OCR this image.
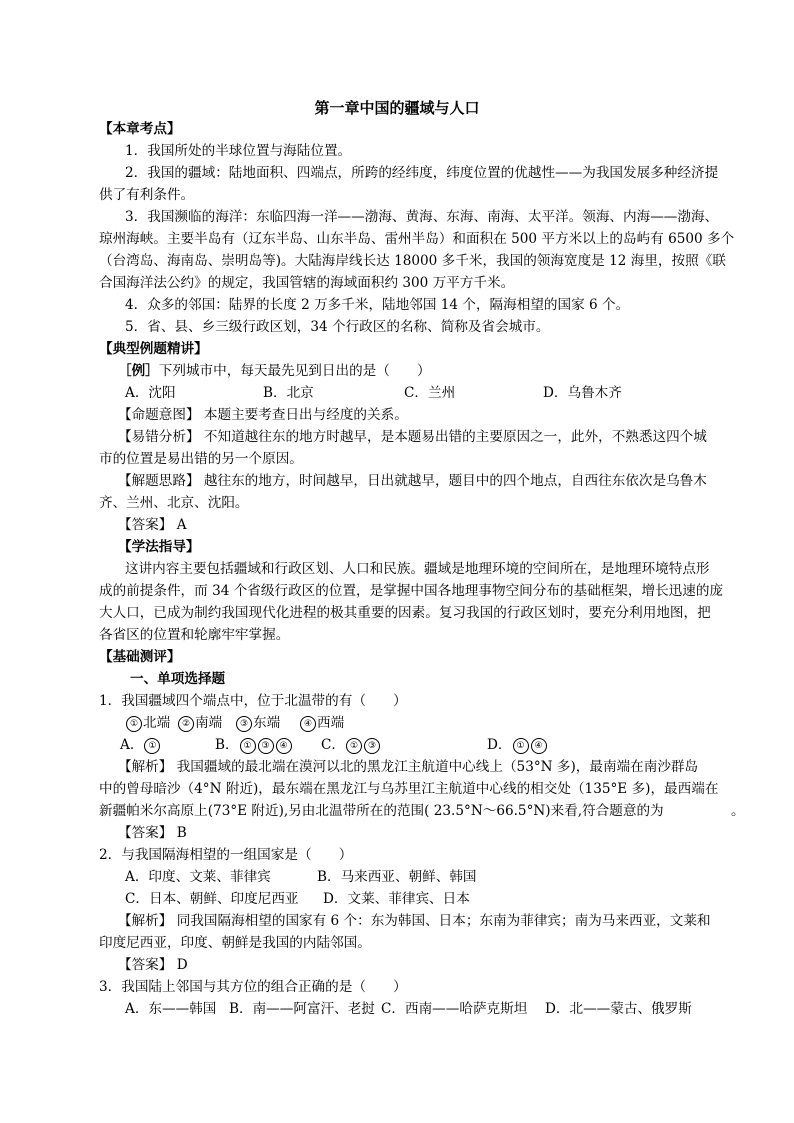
第一章中国的疆域与人口
【本章考点】
1．我国所处的半球位置与海陆位置。
2．我国的疆域：陆地面积、四端点，所跨的经纬度，纬度位置的优越性——为我国发展多种经济提
供了有利条件。
3．我国濒临的海洋：东临四海一洋——渤海、黄海、东海、南海、太平洋。领海、内海——渤海、
琼州海峡。主要半岛有（辽东半岛、山东半岛、雷州半岛）和面积在 500 平方米以上的岛屿有 6500 多个
（台湾岛、海南岛、崇明岛等)。大陆海岸线长达 18000 多千米，我国的领海宽度是 12 海里，按照《联
合国海洋法公约》的规定，我国管辖的海域面积约 300 万平方千米。
4．众多的邻国：陆界的长度 2 万多千米，陆地邻国 14 个，隔海相望的国家 6 个。
5．省、县、乡三级行政区划，34 个行政区的名称、简称及省会城市。
【典型例题精讲】
［例］下列城市中，每天最先见到日出的是（　　）
A．沈阳	B．北京	C．兰州	D．乌鲁木齐
【命题意图】 本题主要考查日出与经度的关系。
【易错分析】 不知道越往东的地方时越早，是本题易出错的主要原因之一，此外，不熟悉这四个城
市的位置是易出错的另一个原因。
【解题思路】 越往东的地方，时间越早，日出就越早，题目中的四个地点，自西往东依次是乌鲁木
齐、兰州、北京、沈阳。
【答案】 A
【学法指导】
这讲内容主要包括疆域和行政区划、人口和民族。疆域是地理环境的空间所在，是地理环境特点形
成的前提条件，而 34 个省级行政区的位置，是掌握中国各地理事物空间分布的基础框架，增长迅速的庞
大人口，已成为制约我国现代化进程的极其重要的因素。复习我国的行政区划时，要充分利用地图，把
各省区的位置和轮廓牢牢掌握。
【基础测评】
一、单项选择题
1．我国疆域四个端点中，位于北温带的有（　　）
① 北端	② 南端	③ 东端	④ 西端
A． ①	B． ① ③ ④	C． ① ③	D． ① ④
【解析】 我国疆域的最北端在漠河以北的黑龙江主航道中心线上（53°N 多)，最南端在南沙群岛
中的曾母暗沙（4°N 附近)，最东端在黑龙江与乌苏里江主航道中心线的相交处（135°E 多)，最西端在
新疆帕米尔高原上(73°E 附近),另由北温带所在的范围( 23.5°N～66.5°N)来看,符合题意的为	。
【答案】 B
2．与我国隔海相望的一组国家是（　　）
A．印度、文莱、菲律宾	B．马来西亚、朝鲜、韩国
C．日本、朝鲜、印度尼西亚 D．文莱、菲律宾、日本
【解析】 同我国隔海相望的国家有 6 个：东为韩国、日本；东南为菲律宾；南为马来西亚，文莱和
印度尼西亚，印度、朝鲜是我国的内陆邻国。
【答案】 D
3．我国陆上邻国与其方位的组合正确的是（　　）
A．东——韩国 B．南——阿富汗、老挝 C．西南——哈萨克斯坦 D．北——蒙古、俄罗斯
